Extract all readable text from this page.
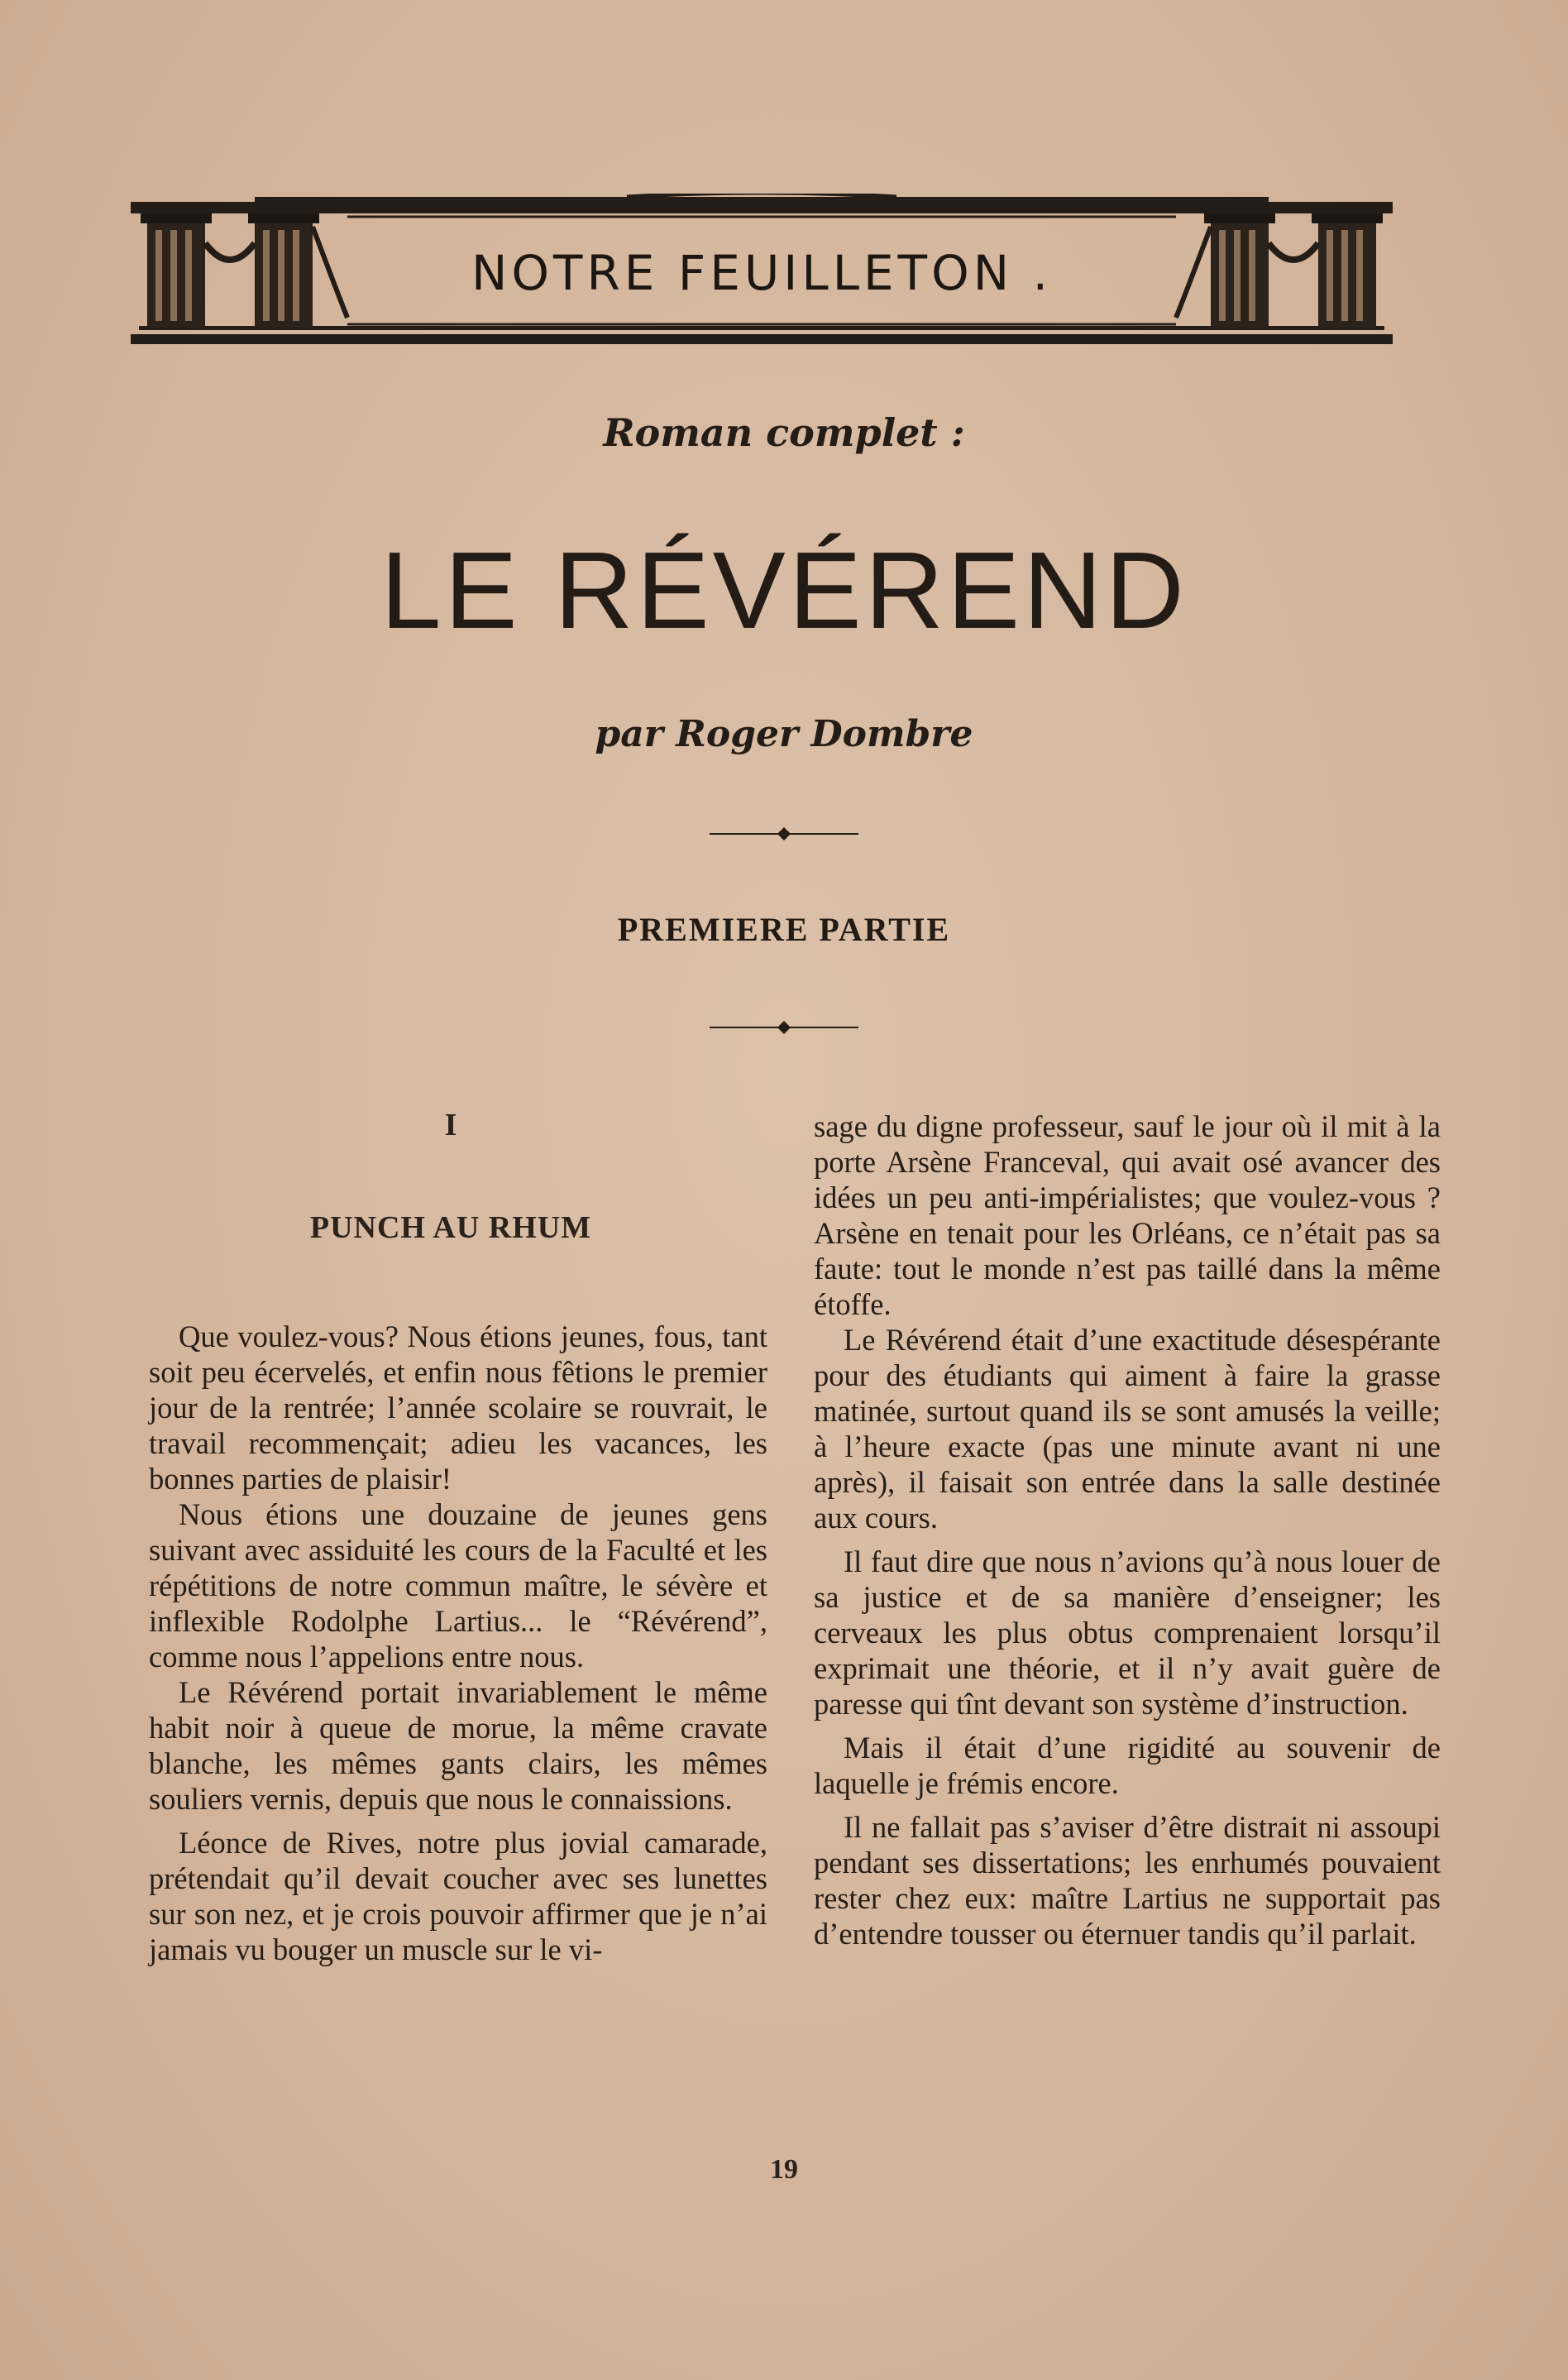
NOTRE FEUILLETON .
Roman complet :
LE RÉVÉREND
par Roger Dombre
PREMIERE PARTIE
I
PUNCH AU RHUM

Que voulez-vous? Nous étions jeunes, fous, tant soit peu écervelés, et enfin nous fêtions le premier jour de la rentrée; l’année scolaire se rouvrait, le travail recommençait; adieu les vacances, les bonnes parties de plaisir!

Nous étions une douzaine de jeunes gens suivant avec assiduité les cours de la Faculté et les répétitions de notre commun maître, le sévère et inflexible Rodolphe Lartius... le “Révérend”, comme nous l’appelions entre nous.

Le Révérend portait invariablement le même habit noir à queue de morue, la même cravate blanche, les mêmes gants clairs, les mêmes souliers vernis, depuis que nous le connaissions.

Léonce de Rives, notre plus jovial camarade, prétendait qu’il devait coucher avec ses lunettes sur son nez, et je crois pouvoir affirmer que je n’ai jamais vu bouger un muscle sur le vi-

sage du digne professeur, sauf le jour où il mit à la porte Arsène Franceval, qui avait osé avancer des idées un peu anti-impérialistes; que voulez-vous ? Arsène en tenait pour les Orléans, ce n’était pas sa faute: tout le monde n’est pas taillé dans la même étoffe.

Le Révérend était d’une exactitude désespérante pour des étudiants qui aiment à faire la grasse matinée, surtout quand ils se sont amusés la veille; à l’heure exacte (pas une minute avant ni une après), il faisait son entrée dans la salle destinée aux cours.

Il faut dire que nous n’avions qu’à nous louer de sa justice et de sa manière d’enseigner; les cerveaux les plus obtus comprenaient lorsqu’il exprimait une théorie, et il n’y avait guère de paresse qui tînt devant son système d’instruction.

Mais il était d’une rigidité au souvenir de laquelle je frémis encore.

Il ne fallait pas s’aviser d’être distrait ni assoupi pendant ses dissertations; les enrhumés pouvaient rester chez eux: maître Lartius ne supportait pas d’entendre tousser ou éternuer tandis qu’il parlait.

19
